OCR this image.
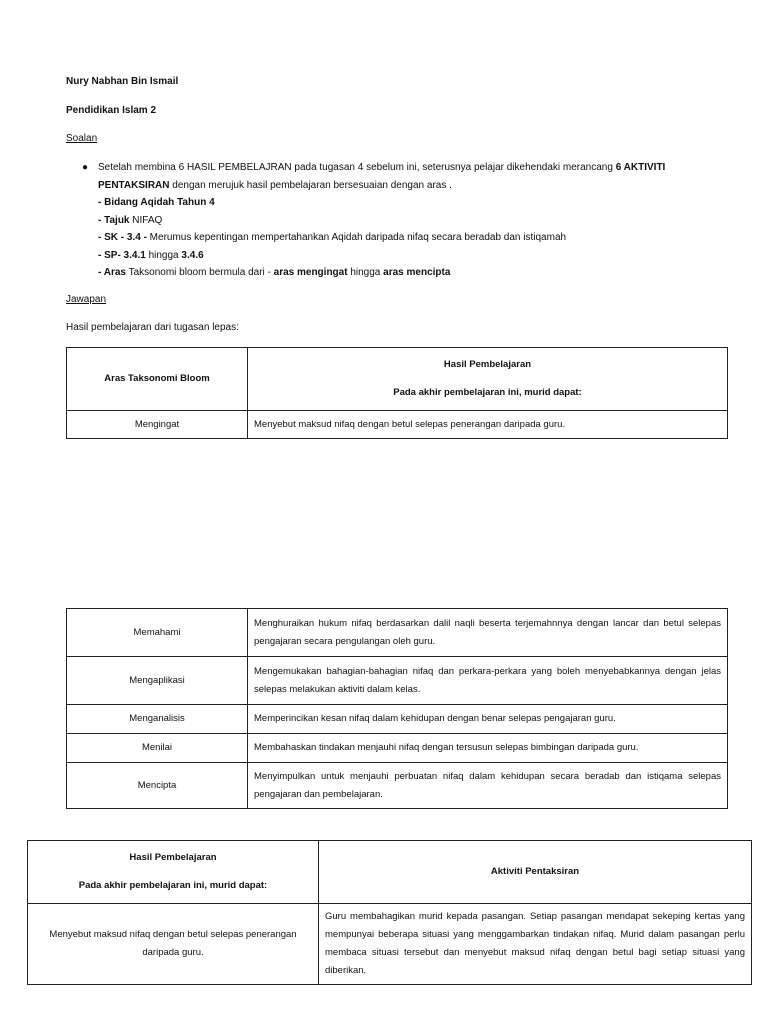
Nury Nabhan Bin Ismail
Pendidikan Islam 2
Soalan
● Setelah membina 6 HASIL PEMBELAJRAN pada tugasan 4 sebelum ini, seterusnya pelajar dikehendaki merancang 6 AKTIVITI
PENTAKSIRAN dengan merujuk hasil pembelajaran bersesuaian dengan aras .
- Bidang Aqidah Tahun 4
- Tajuk NIFAQ
- SK - 3.4 - Merumus kepentingan mempertahankan Aqidah daripada nifaq secara beradab dan istiqamah
- SP- 3.4.1 hingga 3.4.6
- Aras Taksonomi bloom bermula dari - aras mengingat hingga aras mencipta
Jawapan
Hasil pembelajaran dari tugasan lepas:
Aras Taksonomi Bloom	Hasil Pembelajaran
Pada akhir pembelajaran ini, murid dapat:

Mengingat	Menyebut maksud nifaq dengan betul selepas penerangan daripada guru.
Memahami	Menghuraikan hukum nifaq berdasarkan dalil naqli beserta terjemahnnya dengan lancar dan betul selepas pengajaran secara pengulangan oleh guru.
Mengaplikasi	Mengemukakan bahagian-bahagian nifaq dan perkara-perkara yang boleh menyebabkannya dengan jelas selepas melakukan aktiviti dalam kelas.
Menganalisis	Memperincikan kesan nifaq dalam kehidupan dengan benar selepas pengajaran guru.
Menilai	Membahaskan tindakan menjauhi nifaq dengan tersusun selepas bimbingan daripada guru.
Mencipta	Menyimpulkan untuk menjauhi perbuatan nifaq dalam kehidupan secara beradab dan istiqama selepas pengajaran dan pembelajaran.
Hasil Pembelajaran
Pada akhir pembelajaran ini, murid dapat:	Aktiviti Pentaksiran
Menyebut maksud nifaq dengan betul selepas penerangan daripada guru.	Guru membahagikan murid kepada pasangan. Setiap pasangan mendapat sekeping kertas yang mempunyai beberapa situasi yang menggambarkan tindakan nifaq. Murid dalam pasangan perlu membaca situasi tersebut dan menyebut maksud nifaq dengan betul bagi setiap situasi yang diberikan.
